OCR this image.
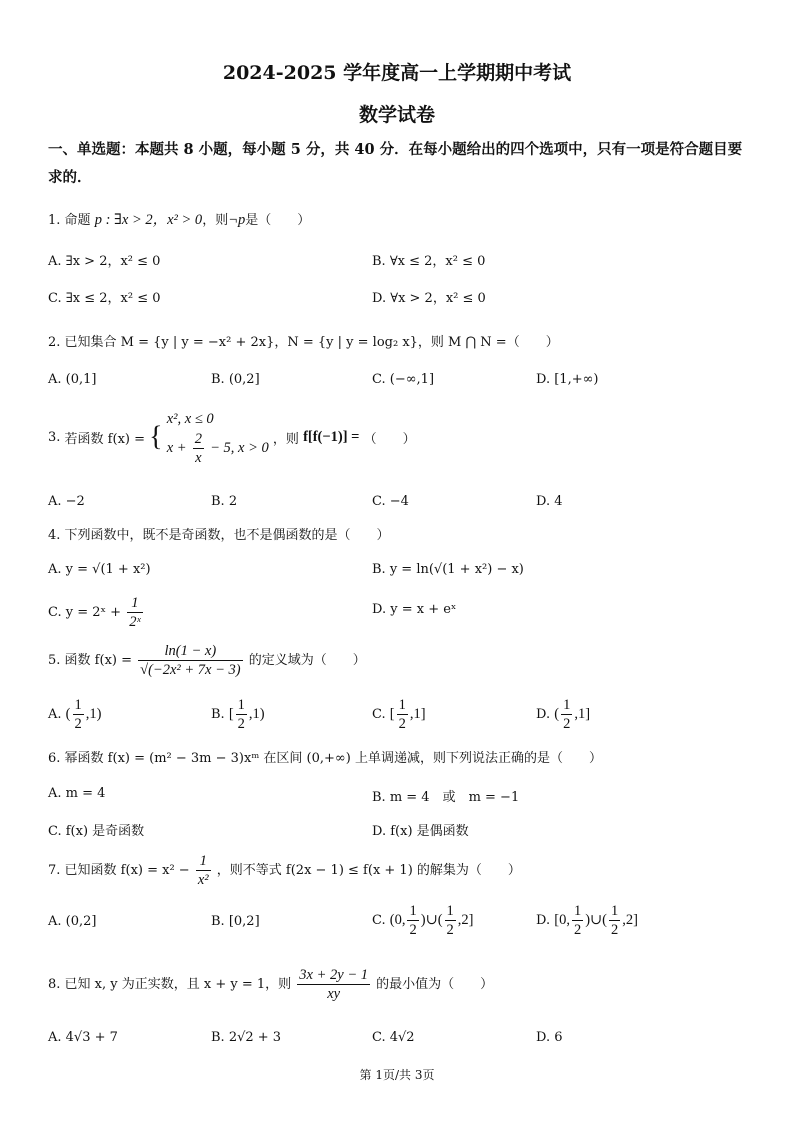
2024-2025 学年度高一上学期期中考试
数学试卷
一、单选题：本题共 8 小题，每小题 5 分，共 40 分．在每小题给出的四个选项中，只有一项是符合题目要求的．
1. 命题 p : ∃x > 2，x² > 0，则¬p是（　　）
A. ∃x > 2，x² ≤ 0	B. ∀x ≤ 2，x² ≤ 0
C. ∃x ≤ 2，x² ≤ 0	D. ∀x > 2，x² ≤ 0
2. 已知集合 M = {y | y = −x² + 2x}，N = {y | y = log₂ x}，则 M ⋂ N =（　　）
A. (0,1]	B. (0,2]	C. (−∞,1]	D. [1,+∞)
3. 若函数 f(x) = {
x², x ≤ 0
$x + \frac{2}{x} - 5$, x > 0
，则 f[f(−1)] = （　　）
A. −2	B. 2	C. −4	D. 4
4. 下列函数中，既不是奇函数，也不是偶函数的是（　　）
A. y = √(1 + x²)	B. y = ln(√(1 + x²) − x)
C. y = 2ˣ + $\frac{1}{\text{2ˣ}}$	D. y = x + eˣ
5. 函数 $f(x) = \frac{\ln(1 - x)}{\text{√(−2x² + 7x − 3)}}$ 的定义域为（　　）
A. ( $\frac{1}{2} ,1$)	B. [ $\frac{1}{2} ,1$)	C. [ $\frac{1}{2} ,1$]	D. ( $\frac{1}{2} ,1$]
6. 幂函数 f(x) = (m² − 3m − 3)xᵐ 在区间 (0,+∞) 上单调递减，则下列说法正确的是（　　）
A. m = 4	B. m = 4　或　m = −1
C. f(x) 是奇函数	D. f(x) 是偶函数
7. 已知函数 $f(x) = x^2 - \frac{1}{\text{x²}}$ ，则不等式 f(2x − 1) ≤ f(x + 1) 的解集为（　　）
A. (0,2]	B. [0,2]	C. (0, $\frac{1}{2}$ )∪( $\frac{1}{2} ,2$]	D. [0, $\frac{1}{2}$ )∪( $\frac{1}{2} ,2$]
8. 已知 x, y 为正实数，且 x + y = 1，则 $\frac{3x + 2y - 1}{xy}$ 的最小值为（　　）
A. 4√3 + 7	B. 2√2 + 3	C. 4√2	D. 6
第 1页/共 3页
